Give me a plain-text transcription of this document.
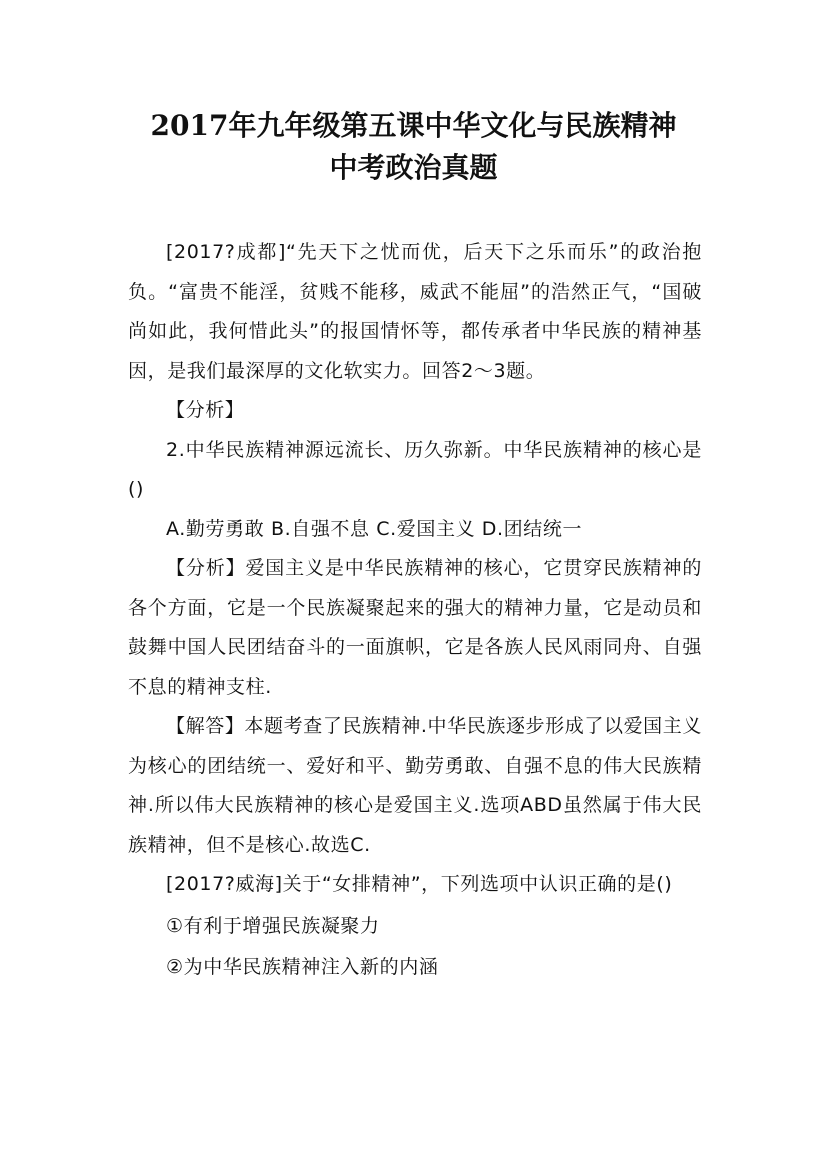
2017年九年级第五课中华文化与民族精神
中考政治真题

[2017?成都]“先天下之忧而优，后天下之乐而乐”的政治抱负。“富贵不能淫，贫贱不能移，威武不能屈”的浩然正气，“国破尚如此，我何惜此头”的报国情怀等，都传承者中华民族的精神基因，是我们最深厚的文化软实力。回答2～3题。

【分析】

2.中华民族精神源远流长、历久弥新。中华民族精神的核心是()

A.勤劳勇敢 B.自强不息 C.爱国主义 D.团结统一

【分析】爱国主义是中华民族精神的核心，它贯穿民族精神的各个方面，它是一个民族凝聚起来的强大的精神力量，它是动员和鼓舞中国人民团结奋斗的一面旗帜，它是各族人民风雨同舟、自强不息的精神支柱.

【解答】本题考查了民族精神.中华民族逐步形成了以爱国主义为核心的团结统一、爱好和平、勤劳勇敢、自强不息的伟大民族精神.所以伟大民族精神的核心是爱国主义.选项ABD虽然属于伟大民族精神，但不是核心.故选C.

[2017?威海]关于“女排精神”，下列选项中认识正确的是()

①有利于增强民族凝聚力

②为中华民族精神注入新的内涵
